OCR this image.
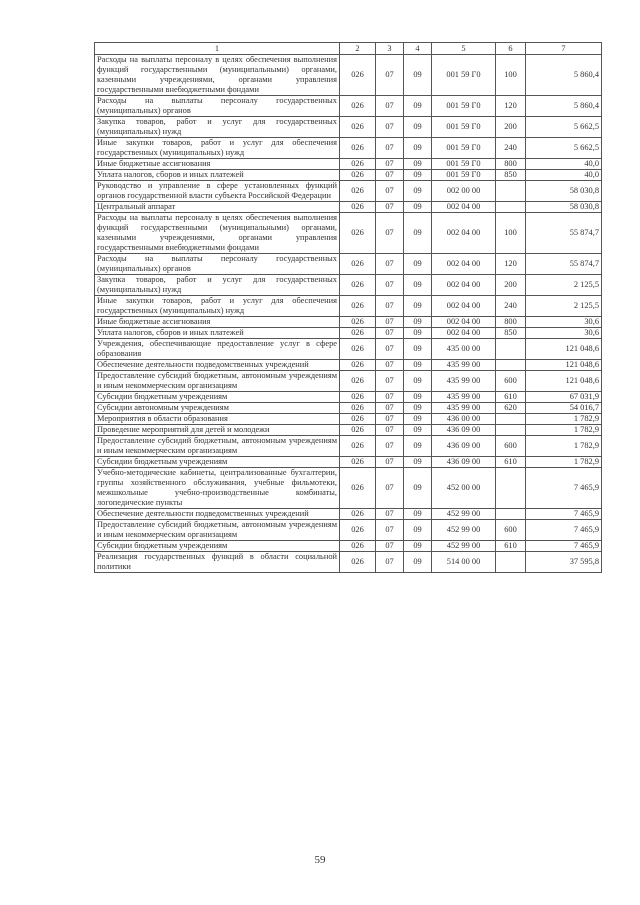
1	2	3	4	5	6	7
Расходы на выплаты персоналу в целях обеспечения выполнения функций государственными (муниципальными) органами, казенными учреждениями, органами управления государственными внебюджетными фондами	026	07	09	001 59 Г0	100	5 860,4
Расходы на выплаты персоналу государственных (муниципальных) органов	026	07	09	001 59 Г0	120	5 860,4
Закупка товаров, работ и услуг для государственных (муниципальных) нужд	026	07	09	001 59 Г0	200	5 662,5
Иные закупки товаров, работ и услуг для обеспечения государственных (муниципальных) нужд	026	07	09	001 59 Г0	240	5 662,5
Иные бюджетные ассигнования	026	07	09	001 59 Г0	800	40,0
Уплата налогов, сборов и иных платежей	026	07	09	001 59 Г0	850	40,0
Руководство и управление в сфере установленных функций органов государственной власти субъекта Российской Федерации	026	07	09	002 00 00		58 030,8
Центральный аппарат	026	07	09	002 04 00		58 030,8
Расходы на выплаты персоналу в целях обеспечения выполнения функций государственными (муниципальными) органами, казенными учреждениями, органами управления государственными внебюджетными фондами	026	07	09	002 04 00	100	55 874,7
Расходы на выплаты персоналу государственных (муниципальных) органов	026	07	09	002 04 00	120	55 874,7
Закупка товаров, работ и услуг для государственных (муниципальных) нужд	026	07	09	002 04 00	200	2 125,5
Иные закупки товаров, работ и услуг для обеспечения государственных (муниципальных) нужд	026	07	09	002 04 00	240	2 125,5
Иные бюджетные ассигнования	026	07	09	002 04 00	800	30,6
Уплата налогов, сборов и иных платежей	026	07	09	002 04 00	850	30,6
Учреждения, обеспечивающие предоставление услуг в сфере образования	026	07	09	435 00 00		121 048,6
Обеспечение деятельности подведомственных учреждений	026	07	09	435 99 00		121 048,6
Предоставление субсидий бюджетным, автономным учреждениям и иным некоммерческим организациям	026	07	09	435 99 00	600	121 048,6
Субсидии бюджетным учреждениям	026	07	09	435 99 00	610	67 031,9
Субсидии автономным учреждениям	026	07	09	435 99 00	620	54 016,7
Мероприятия в области образования	026	07	09	436 00 00		1 782,9
Проведение мероприятий для детей и молодежи	026	07	09	436 09 00		1 782,9
Предоставление субсидий бюджетным, автономным учреждениям и иным некоммерческим организациям	026	07	09	436 09 00	600	1 782,9
Субсидии бюджетным учреждениям	026	07	09	436 09 00	610	1 782,9
Учебно-методические кабинеты, централизованные бухгалтерии, группы хозяйственного обслуживания, учебные фильмотеки, межшкольные учебно-производственные комбинаты, логопедические пункты	026	07	09	452 00 00		7 465,9
Обеспечение деятельности подведомственных учреждений	026	07	09	452 99 00		7 465,9
Предоставление субсидий бюджетным, автономным учреждениям и иным некоммерческим организациям	026	07	09	452 99 00	600	7 465,9
Субсидии бюджетным учреждениям	026	07	09	452 99 00	610	7 465,9
Реализация государственных функций в области социальной политики	026	07	09	514 00 00		37 595,8
59
